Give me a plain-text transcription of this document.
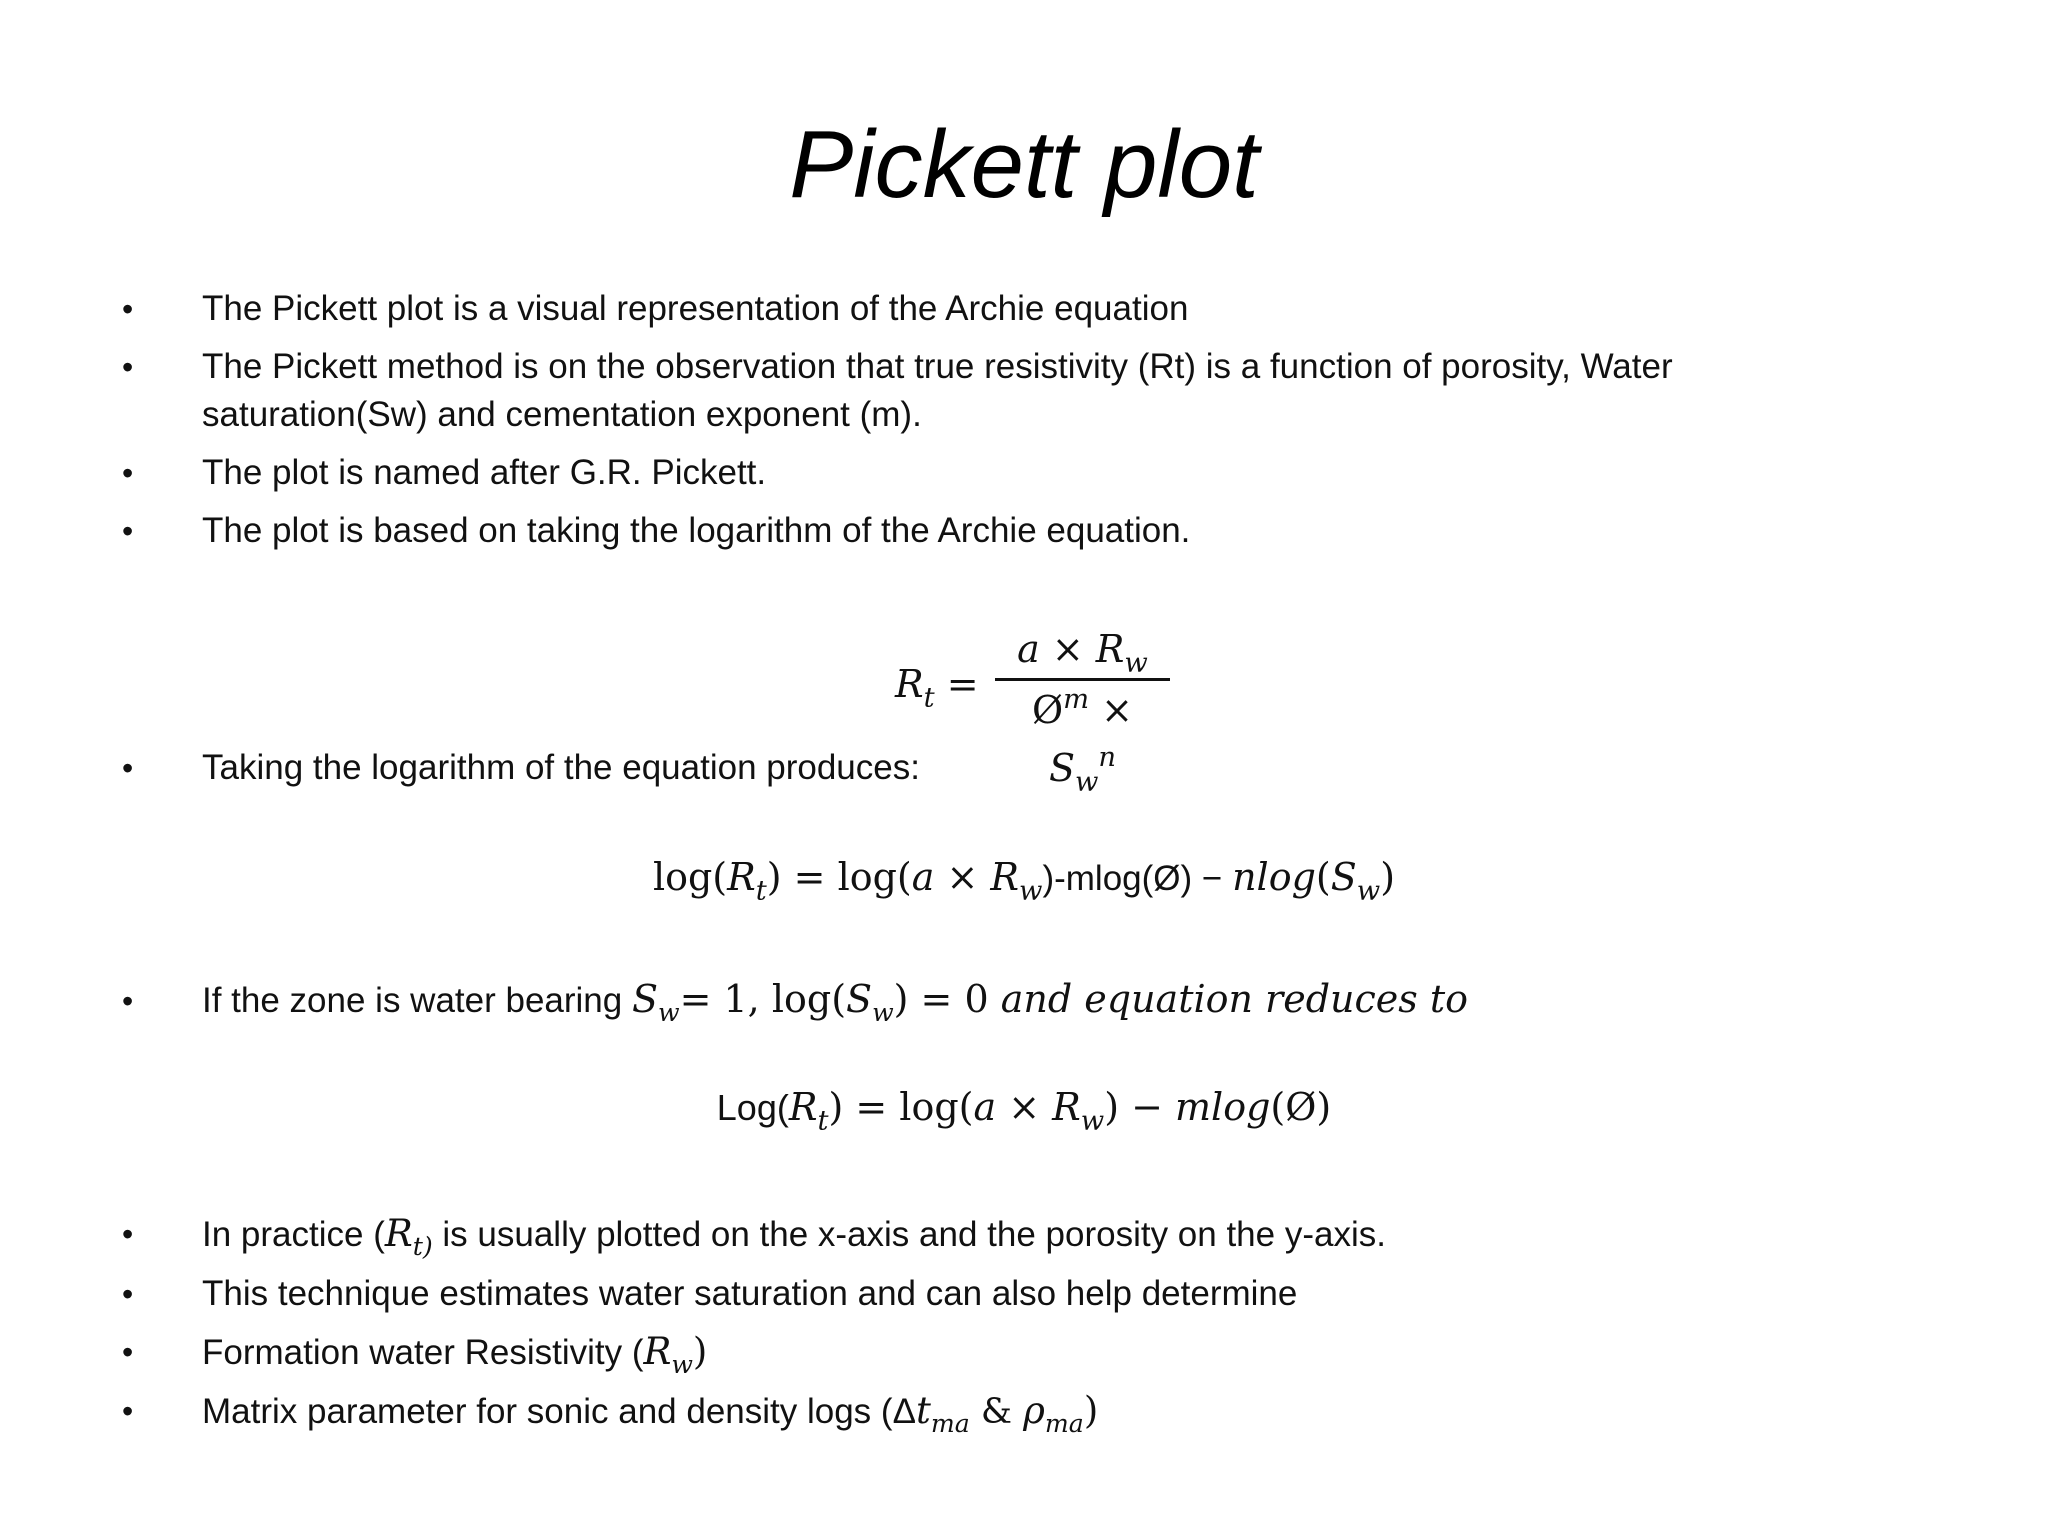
Pickett plot
• The Pickett plot is a visual representation of the Archie equation
• The Pickett method is on the observation that true resistivity (Rt) is a function of porosity, Water saturation(Sw) and cementation exponent (m).
• The plot is named after G.R. Pickett.
• The plot is based on taking the logarithm of the Archie equation.
$R_t$ =
$a \times R_w$
$Ø^m \times S_w^n$
• Taking the logarithm of the equation produces:
$\log(R_t) = \log(a$ × $R_w)-mlog(Ø) - nlog(S_w)$
• If the zone is water bearing $S_w= 1$, $\log(S_w) = 0$ and equation reduces to
$Log(R_t) = \log(a \times R_w)$ − mlog(Ø)
• In practice ($R_{t)}$ is usually plotted on the x-axis and the porosity on the y-axis.
• This technique estimates water saturation and can also help determine
• Formation water Resistivity $(R_w)$
• Matrix parameter for sonic and density logs ($\Delta t_{ma}$ & $\rho_{ma}$)
